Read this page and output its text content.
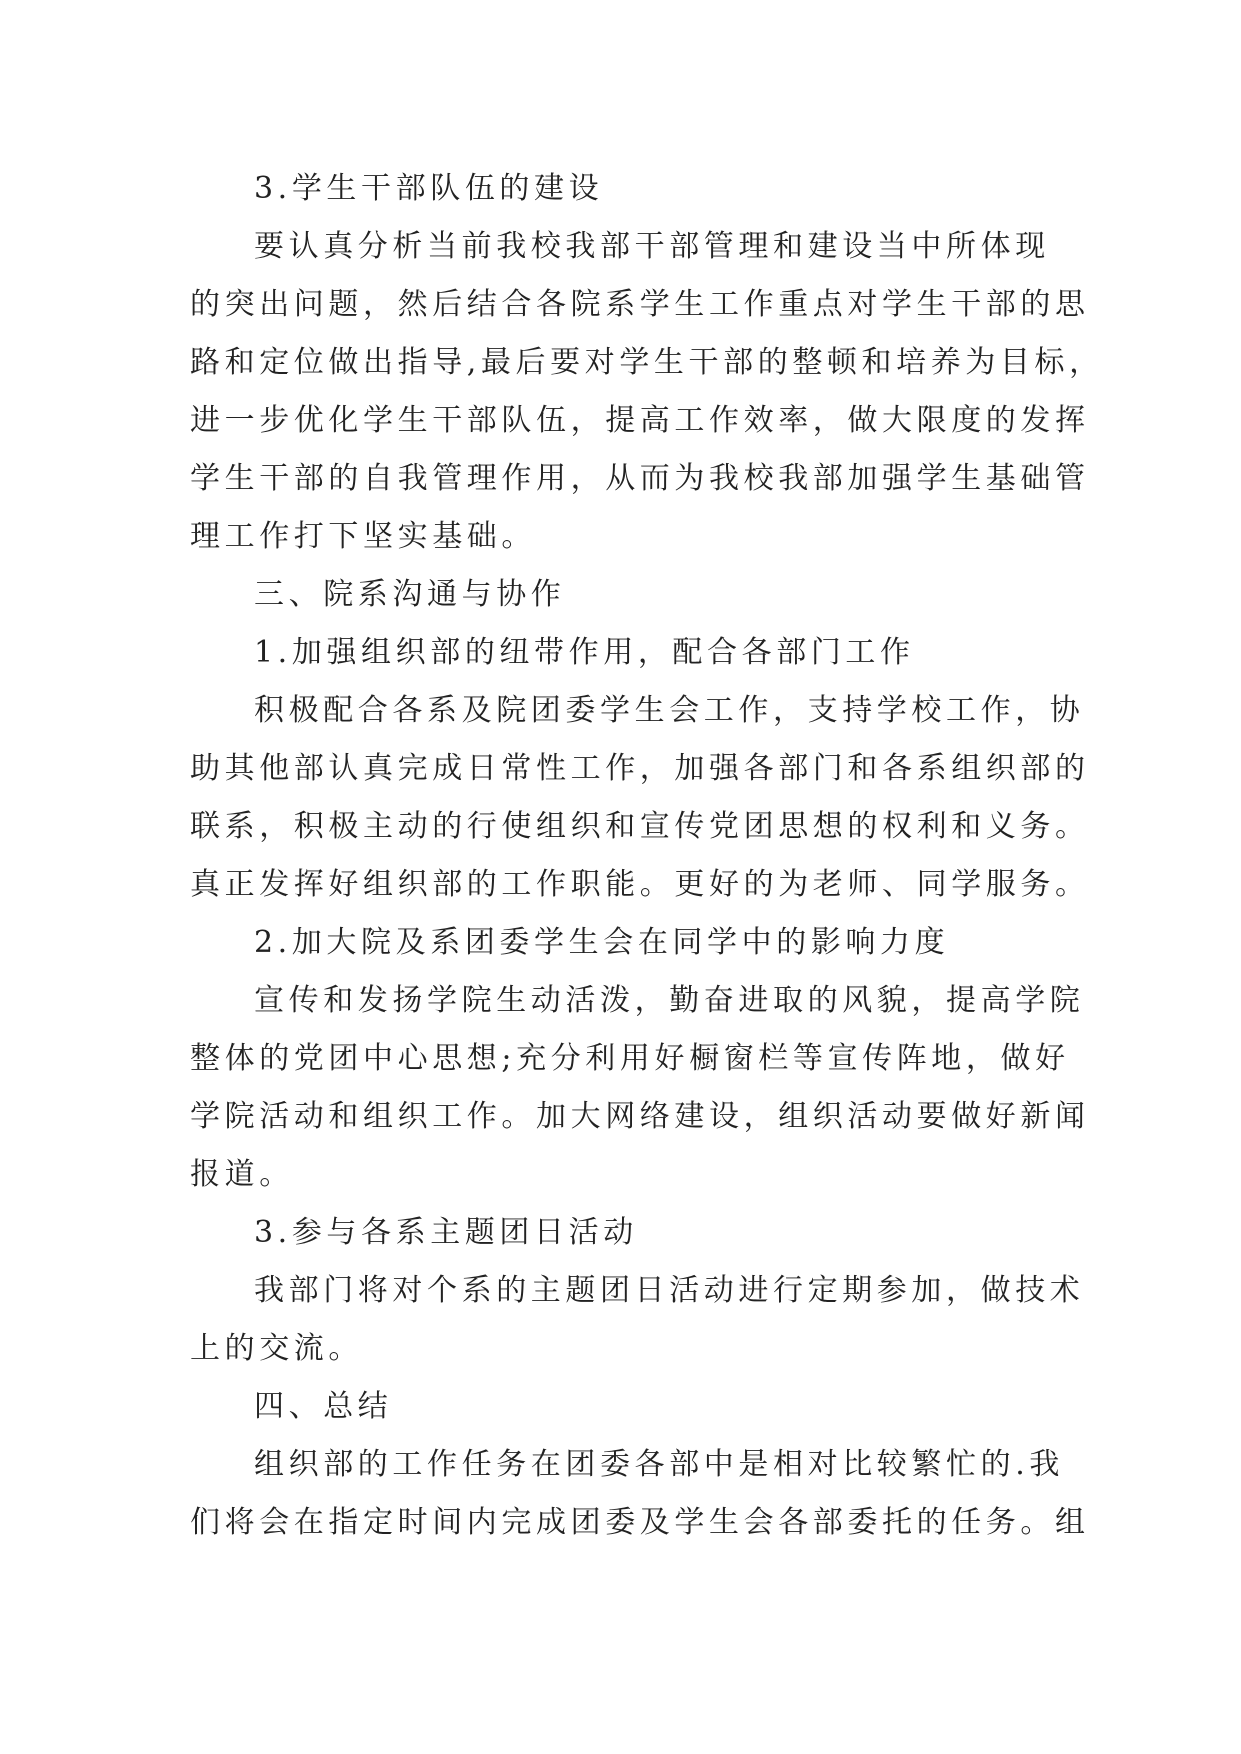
3.学生干部队伍的建设
要认真分析当前我校我部干部管理和建设当中所体现
的突出问题，然后结合各院系学生工作重点对学生干部的思
路和定位做出指导,最后要对学生干部的整顿和培养为目标，
进一步优化学生干部队伍，提高工作效率，做大限度的发挥
学生干部的自我管理作用，从而为我校我部加强学生基础管
理工作打下坚实基础。
三、院系沟通与协作
1.加强组织部的纽带作用，配合各部门工作
积极配合各系及院团委学生会工作，支持学校工作，协
助其他部认真完成日常性工作，加强各部门和各系组织部的
联系，积极主动的行使组织和宣传党团思想的权利和义务。
真正发挥好组织部的工作职能。更好的为老师、同学服务。
2.加大院及系团委学生会在同学中的影响力度
宣传和发扬学院生动活泼，勤奋进取的风貌，提高学院
整体的党团中心思想;充分利用好橱窗栏等宣传阵地，做好
学院活动和组织工作。加大网络建设，组织活动要做好新闻
报道。
3.参与各系主题团日活动
我部门将对个系的主题团日活动进行定期参加，做技术
上的交流。
四、总结
组织部的工作任务在团委各部中是相对比较繁忙的.我
们将会在指定时间内完成团委及学生会各部委托的任务。组
